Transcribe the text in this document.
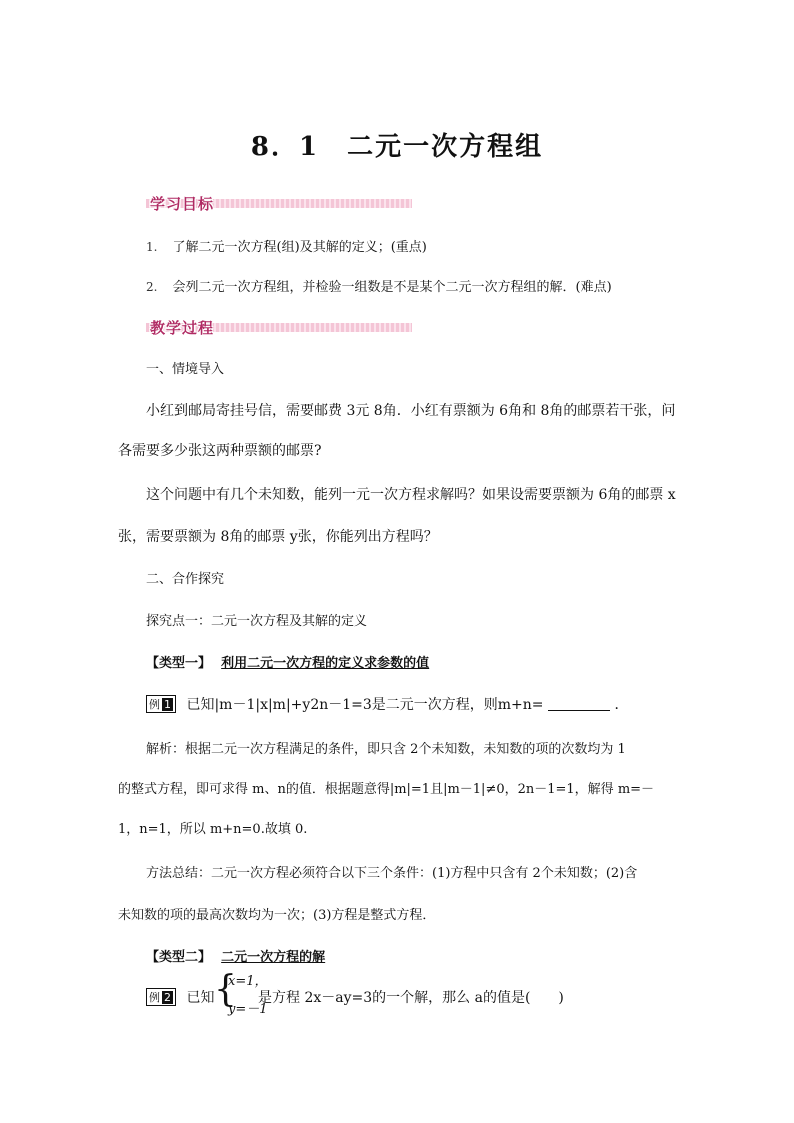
8．1　二元一次方程组
学习目标
1. 了解二元一次方程(组)及其解的定义；(重点)
2. 会列二元一次方程组，并检验一组数是不是某个二元一次方程组的解．(难点)
教学过程
一、情境导入
小红到邮局寄挂号信，需要邮费 3元 8角．小红有票额为 6角和 8角的邮票若干张，问
各需要多少张这两种票额的邮票?
这个问题中有几个未知数，能列一元一次方程求解吗？如果设需要票额为 6角的邮票 x
张，需要票额为 8角的邮票 y张，你能列出方程吗？
二、合作探究
探究点一：二元一次方程及其解的定义
【类型一】 利用二元一次方程的定义求参数的值
例 1 已知|m－1|x|m|+y2n－1=3是二元一次方程，则m+n=	．
解析：根据二元一次方程满足的条件，即只含 2个未知数，未知数的项的次数均为 1
的整式方程，即可求得 m、n的值．根据题意得|m|=1且|m－1|≠0，2n－1=1，解得 m=－
1，n=1，所以 m+n=0.故填 0.
方法总结：二元一次方程必须符合以下三个条件：(1)方程中只含有 2个未知数；(2)含
未知数的项的最高次数均为一次；(3)方程是整式方程．
【类型二】 二元一次方程的解
例 2 已知 {
x=1，
y=－1
是方程 2x－ay=3的一个解，那么 a的值是(　　)
